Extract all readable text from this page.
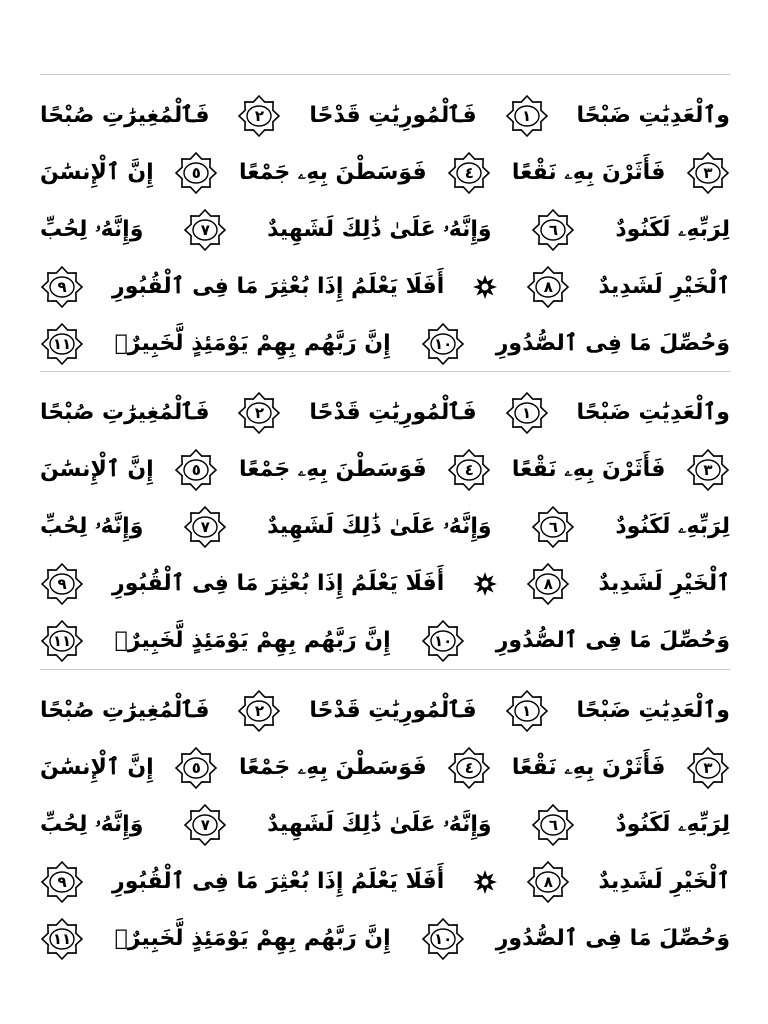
وٱلْعَدِيَٰتِ ضَبْحًا
١
فَٱلْمُورِيَٰتِ قَدْحًا
٢
فَٱلْمُغِيرَٰتِ صُبْحًا
٣
فَأَثَرْنَ بِهِۦ نَقْعًا
٤
فَوَسَطْنَ بِهِۦ جَمْعًا
٥
إِنَّ ٱلْإِنسَٰنَ
لِرَبِّهِۦ لَكَنُودٌ
٦
وَإِنَّهُۥ عَلَىٰ ذَٰلِكَ لَشَهِيدٌ
٧
وَإِنَّهُۥ لِحُبِّ
ٱلْخَيْرِ لَشَدِيدٌ
٨
أَفَلَا يَعْلَمُ إِذَا بُعْثِرَ مَا فِى ٱلْقُبُورِ
٩
وَحُصِّلَ مَا فِى ٱلصُّدُورِ
١٠
إِنَّ رَبَّهُم بِهِمْ يَوْمَئِذٍ لَّخَبِيرٌۢ
١١
وٱلْعَدِيَٰتِ ضَبْحًا
١
فَٱلْمُورِيَٰتِ قَدْحًا
٢
فَٱلْمُغِيرَٰتِ صُبْحًا
٣
فَأَثَرْنَ بِهِۦ نَقْعًا
٤
فَوَسَطْنَ بِهِۦ جَمْعًا
٥
إِنَّ ٱلْإِنسَٰنَ
لِرَبِّهِۦ لَكَنُودٌ
٦
وَإِنَّهُۥ عَلَىٰ ذَٰلِكَ لَشَهِيدٌ
٧
وَإِنَّهُۥ لِحُبِّ
ٱلْخَيْرِ لَشَدِيدٌ
٨
أَفَلَا يَعْلَمُ إِذَا بُعْثِرَ مَا فِى ٱلْقُبُورِ
٩
وَحُصِّلَ مَا فِى ٱلصُّدُورِ
١٠
إِنَّ رَبَّهُم بِهِمْ يَوْمَئِذٍ لَّخَبِيرٌۢ
١١
وٱلْعَدِيَٰتِ ضَبْحًا
١
فَٱلْمُورِيَٰتِ قَدْحًا
٢
فَٱلْمُغِيرَٰتِ صُبْحًا
٣
فَأَثَرْنَ بِهِۦ نَقْعًا
٤
فَوَسَطْنَ بِهِۦ جَمْعًا
٥
إِنَّ ٱلْإِنسَٰنَ
لِرَبِّهِۦ لَكَنُودٌ
٦
وَإِنَّهُۥ عَلَىٰ ذَٰلِكَ لَشَهِيدٌ
٧
وَإِنَّهُۥ لِحُبِّ
ٱلْخَيْرِ لَشَدِيدٌ
٨
أَفَلَا يَعْلَمُ إِذَا بُعْثِرَ مَا فِى ٱلْقُبُورِ
٩
وَحُصِّلَ مَا فِى ٱلصُّدُورِ
١٠
إِنَّ رَبَّهُم بِهِمْ يَوْمَئِذٍ لَّخَبِيرٌۢ
١١
